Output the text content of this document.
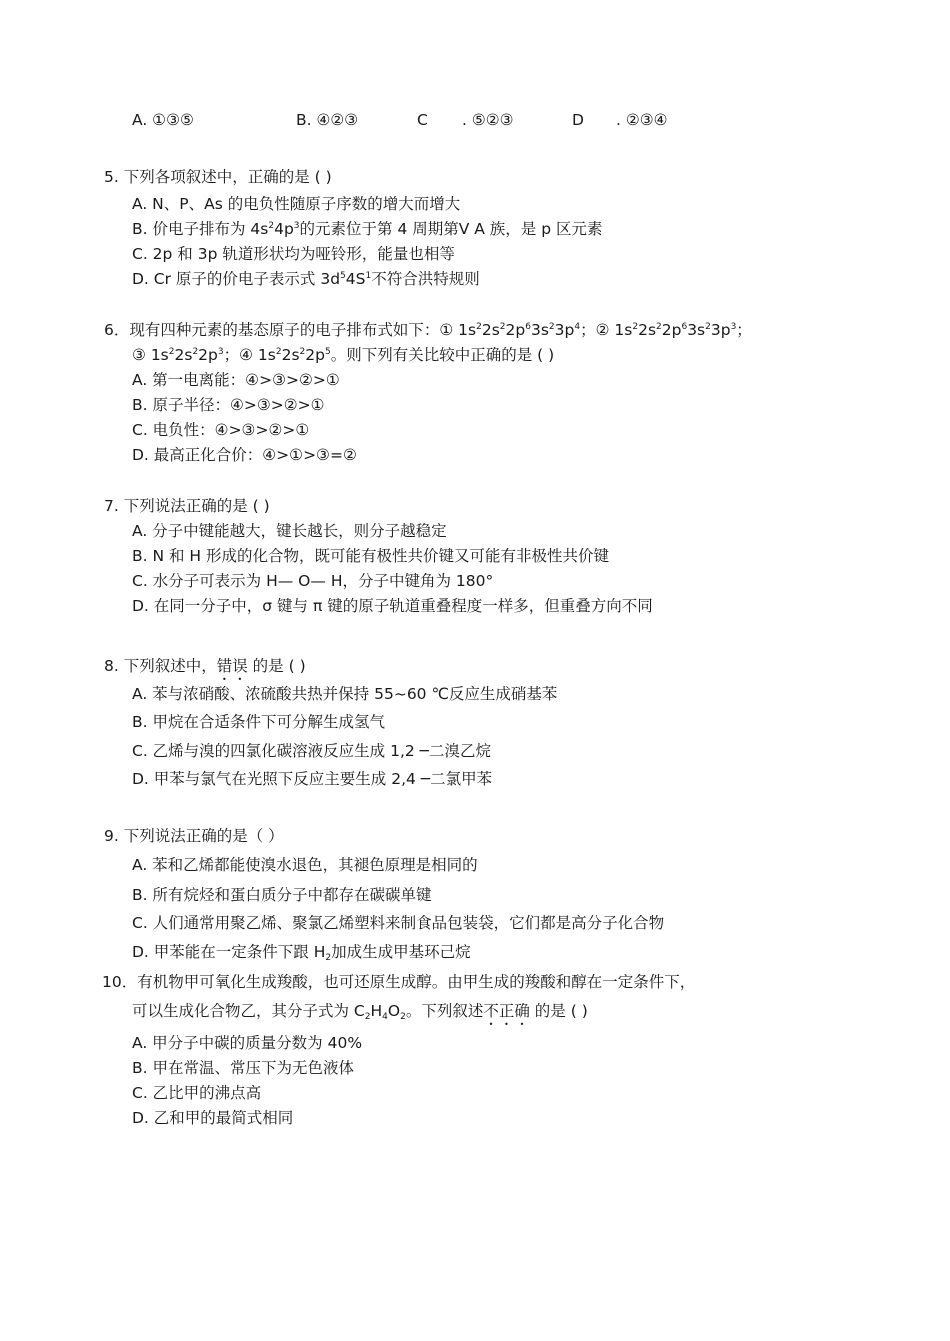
A. ①③⑤	B. ④②③	C . ⑤②③	D . ②③④
5. 下列各项叙述中，正确的是 ( )
A. N、P、As 的电负性随原子序数的增大而增大
B. 价电子排布为 $4s^24p^3$的元素位于第 4 周期第Ⅴ A 族，是 p 区元素
C. 2p 和 3p 轨道形状均为哑铃形，能量也相等
D. Cr 原子的价电子表示式 $3d^54S^1$不符合洪特规则
6．现有四种元素的基态原子的电子排布式如下：① $1s^22s^22p^63s^23p^4$；② $1s^22s^22p^63s^23p^3$；
③ $1s^22s^22p^3$；④ $1s^22s^22p^5$。则下列有关比较中正确的是 ( )
A. 第一电离能：④>③>②>①
B. 原子半径：④>③>②>①
C. 电负性：④>③>②>①
D. 最高正化合价：④>①>③=②
7. 下列说法正确的是 ( )
A. 分子中键能越大，键长越长，则分子越稳定
B. N 和 H 形成的化合物，既可能有极性共价键又可能有非极性共价键
C. 水分子可表示为 H— O— H，分子中键角为 180°
D. 在同一分子中，σ 键与 π 键的原子轨道重叠程度一样多，但重叠方向不同
8. 下列叙述中，错误 的是 ( )
A. 苯与浓硝酸、浓硫酸共热并保持 55~60 ℃反应生成硝基苯
B. 甲烷在合适条件下可分解生成氢气
C. 乙烯与溴的四氯化碳溶液反应生成 1,2 ─二溴乙烷
D. 甲苯与氯气在光照下反应主要生成 2,4 ─二氯甲苯
9. 下列说法正确的是（ ）
A. 苯和乙烯都能使溴水退色，其褪色原理是相同的
B. 所有烷烃和蛋白质分子中都存在碳碳单键
C. 人们通常用聚乙烯、聚氯乙烯塑料来制食品包装袋，它们都是高分子化合物
D. 甲苯能在一定条件下跟 $H_2$加成生成甲基环己烷
10．有机物甲可氧化生成羧酸，也可还原生成醇。由甲生成的羧酸和醇在一定条件下，
可以生成化合物乙，其分子式为 $C_2H_4O_2$。下列叙述不正确 的是 ( )
A. 甲分子中碳的质量分数为 40%
B. 甲在常温、常压下为无色液体
C. 乙比甲的沸点高
D. 乙和甲的最简式相同
